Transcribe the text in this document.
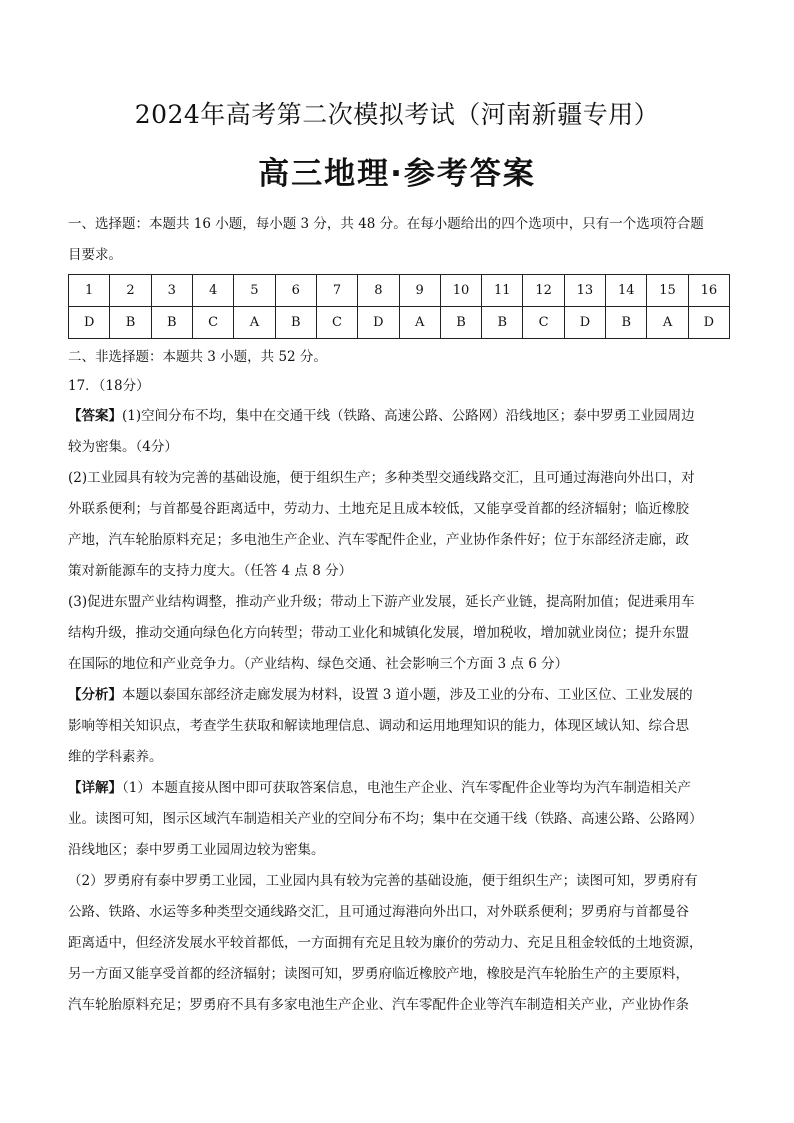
2024年高考第二次模拟考试（河南新疆专用）
高三地理·参考答案
一、选择题：本题共 16 小题，每小题 3 分，共 48 分。在每小题给出的四个选项中，只有一个选项符合题
目要求。
1	2	3	4	5	6	7	8	9	10	11	12	13	14	15	16
D	B	B	C	A	B	C	D	A	B	B	C	D	B	A	D
二、非选择题：本题共 3 小题，共 52 分。
17．（18分）
【答案】(1)空间分布不均，集中在交通干线（铁路、高速公路、公路网）沿线地区；泰中罗勇工业园周边
较为密集。（4分）
(2)工业园具有较为完善的基础设施，便于组织生产；多种类型交通线路交汇，且可通过海港向外出口，对
外联系便利；与首都曼谷距离适中，劳动力、土地充足且成本较低，又能享受首都的经济辐射；临近橡胶
产地，汽车轮胎原料充足；多电池生产企业、汽车零配件企业，产业协作条件好；位于东部经济走廊，政
策对新能源车的支持力度大。（任答 4 点 8 分）
(3)促进东盟产业结构调整，推动产业升级；带动上下游产业发展，延长产业链，提高附加值；促进乘用车
结构升级，推动交通向绿色化方向转型；带动工业化和城镇化发展，增加税收，增加就业岗位；提升东盟
在国际的地位和产业竞争力。（产业结构、绿色交通、社会影响三个方面 3 点 6 分）
【分析】本题以泰国东部经济走廊发展为材料，设置 3 道小题，涉及工业的分布、工业区位、工业发展的
影响等相关知识点，考查学生获取和解读地理信息、调动和运用地理知识的能力，体现区域认知、综合思
维的学科素养。
【详解】（1）本题直接从图中即可获取答案信息，电池生产企业、汽车零配件企业等均为汽车制造相关产
业。读图可知，图示区域汽车制造相关产业的空间分布不均；集中在交通干线（铁路、高速公路、公路网）
沿线地区；泰中罗勇工业园周边较为密集。
（2）罗勇府有泰中罗勇工业园，工业园内具有较为完善的基础设施，便于组织生产；读图可知，罗勇府有
公路、铁路、水运等多种类型交通线路交汇，且可通过海港向外出口，对外联系便利；罗勇府与首都曼谷
距离适中，但经济发展水平较首都低，一方面拥有充足且较为廉价的劳动力、充足且租金较低的土地资源，
另一方面又能享受首都的经济辐射；读图可知，罗勇府临近橡胶产地，橡胶是汽车轮胎生产的主要原料，
汽车轮胎原料充足；罗勇府不具有多家电池生产企业、汽车零配件企业等汽车制造相关产业，产业协作条
